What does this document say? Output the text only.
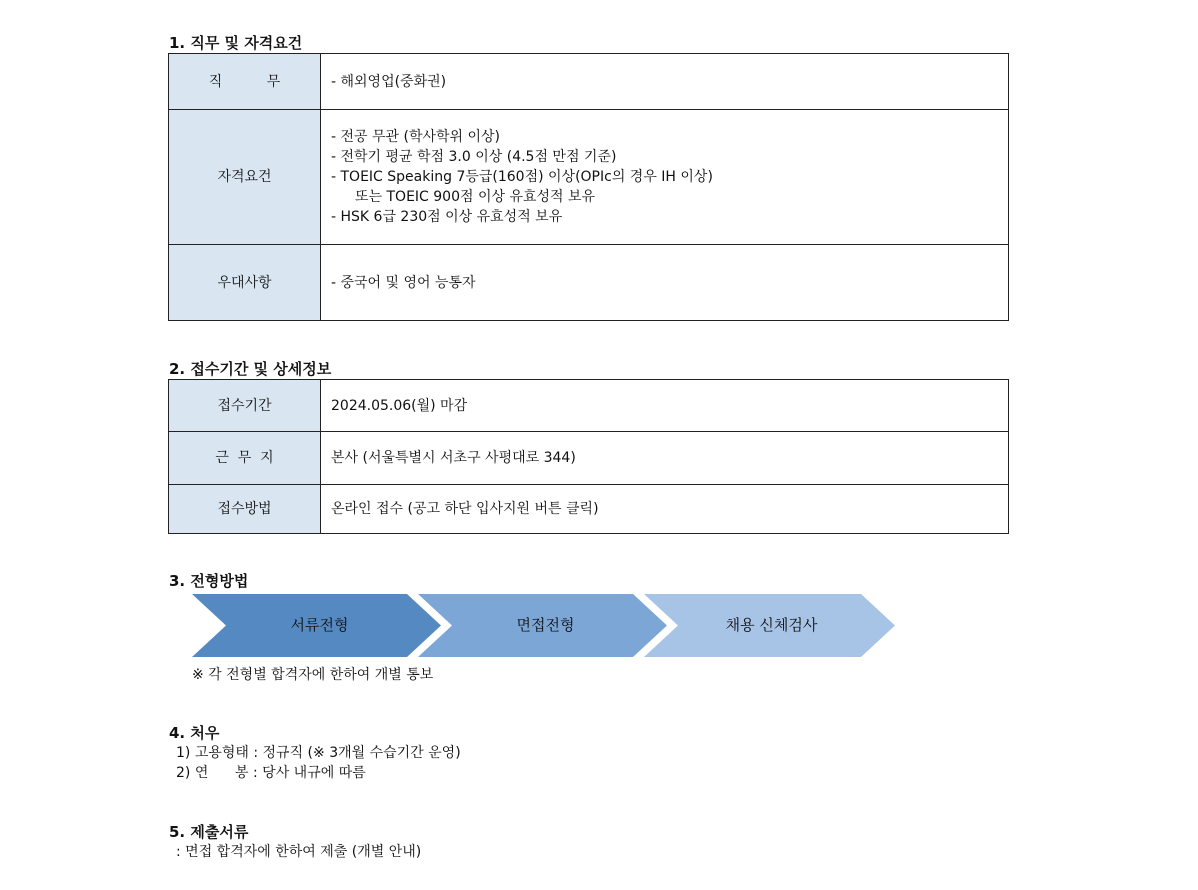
1. 직무 및 자격요건
직          무	- 해외영업(중화권)

자격요건	- 전공 무관 (학사학위 이상)
- 전학기 평균 학점 3.0 이상 (4.5점 만점 기준)
- TOEIC Speaking 7등급(160점) 이상(OPIc의 경우 IH 이상)
또는 TOEIC 900점 이상 유효성적 보유
- HSK 6급 230점 이상 유효성적 보유

우대사항	- 중국어 및 영어 능통자
2. 접수기간 및 상세정보
접수기간	2024.05.06(월) 마감
근  무  지	본사 (서울특별시 서초구 사평대로 344)
접수방법	온라인 접수 (공고 하단 입사지원 버튼 클릭)
3. 전형방법
서류전형	면접전형	채용 신체검사

※ 각 전형별 합격자에 한하여 개별 통보

4. 처우

1) 고용형태 : 정규직 (※ 3개월 수습기간 운영)

2) 연      봉 : 당사 내규에 따름

5. 제출서류

: 면접 합격자에 한하여 제출 (개별 안내)
